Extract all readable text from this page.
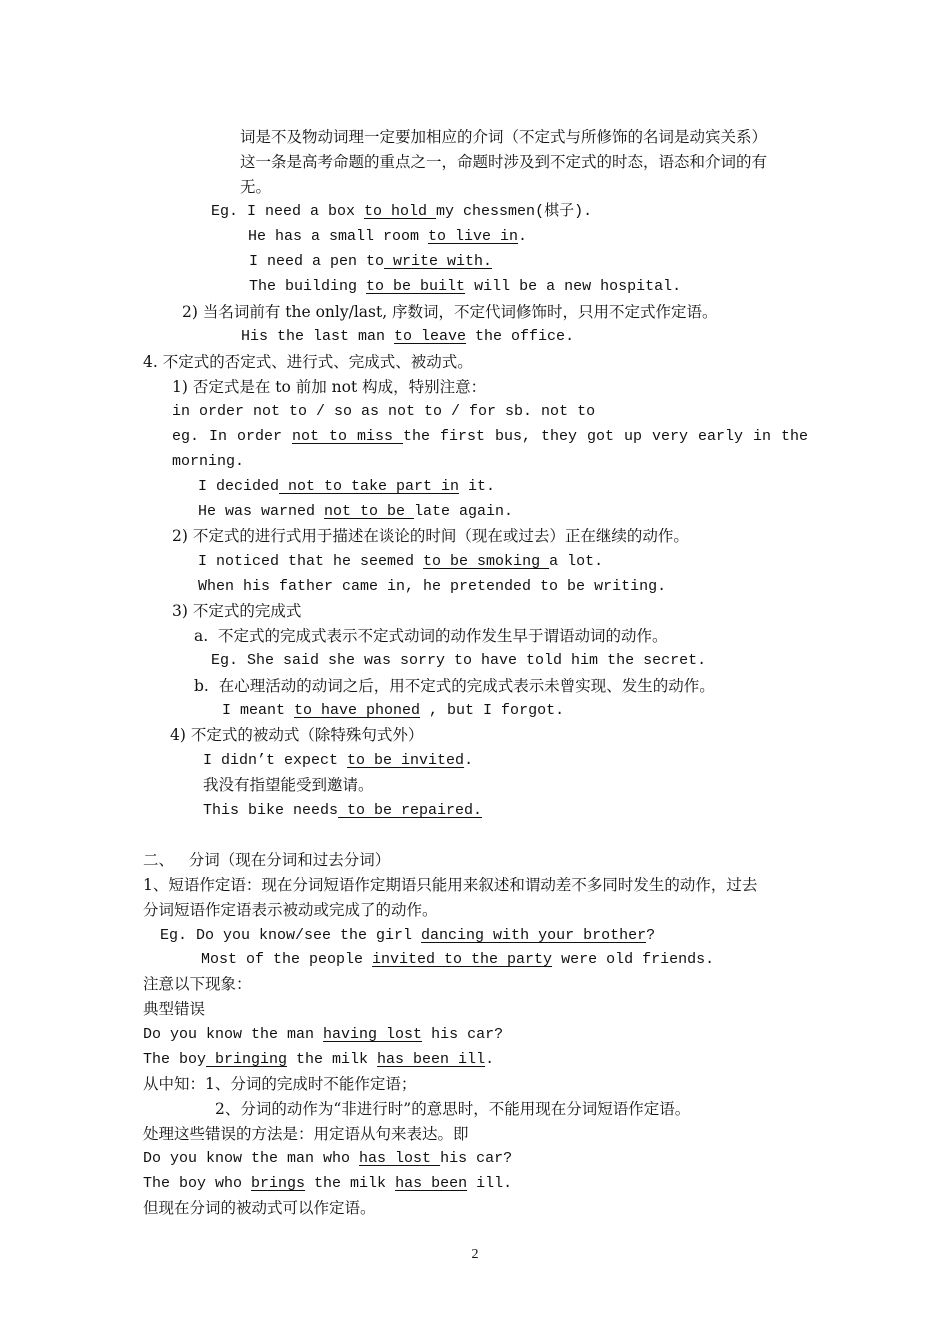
词是不及物动词理一定要加相应的介词（不定式与所修饰的名词是动宾关系）
这一条是高考命题的重点之一，命题时涉及到不定式的时态，语态和介词的有
无。
Eg. I need a box to hold my chessmen(棋子).
He has a small room to live in.
I need a pen to write with.
The building to be built will be a new hospital.
2) 当名词前有 the only/last, 序数词，不定代词修饰时，只用不定式作定语。
His the last man to leave the office.
4. 不定式的否定式、进行式、完成式、被动式。
1) 否定式是在 to 前加 not 构成，特别注意：
in order not to / so as not to / for sb. not to
eg. In order not to miss the first bus, they got up very early in the
morning.
I decided not to take part in it.
He was warned not to be late again.
2) 不定式的进行式用于描述在谈论的时间（现在或过去）正在继续的动作。
I noticed that he seemed to be smoking a lot.
When his father came in, he pretended to be writing.
3) 不定式的完成式
a.  不定式的完成式表示不定式动词的动作发生早于谓语动词的动作。
Eg. She said she was sorry to have told him the secret.
b.  在心理活动的动词之后，用不定式的完成式表示未曾实现、发生的动作。
I meant to have phoned , but I forgot.
4) 不定式的被动式（除特殊句式外）
I didn’t expect to be invited.
我没有指望能受到邀请。
This bike needs to be repaired.
二、   分词（现在分词和过去分词）
1、短语作定语：现在分词短语作定期语只能用来叙述和谓动差不多同时发生的动作，过去
分词短语作定语表示被动或完成了的动作。
Eg. Do you know/see the girl dancing with your brother?
Most of the people invited to the party were old friends.
注意以下现象：
典型错误
Do you know the man having lost his car?
The boy bringing the milk has been ill.
从中知：1、分词的完成时不能作定语；
2、分词的动作为“非进行时”的意思时，不能用现在分词短语作定语。
处理这些错误的方法是：用定语从句来表达。即
Do you know the man who has lost his car?
The boy who brings the milk has been ill.
但现在分词的被动式可以作定语。
2
